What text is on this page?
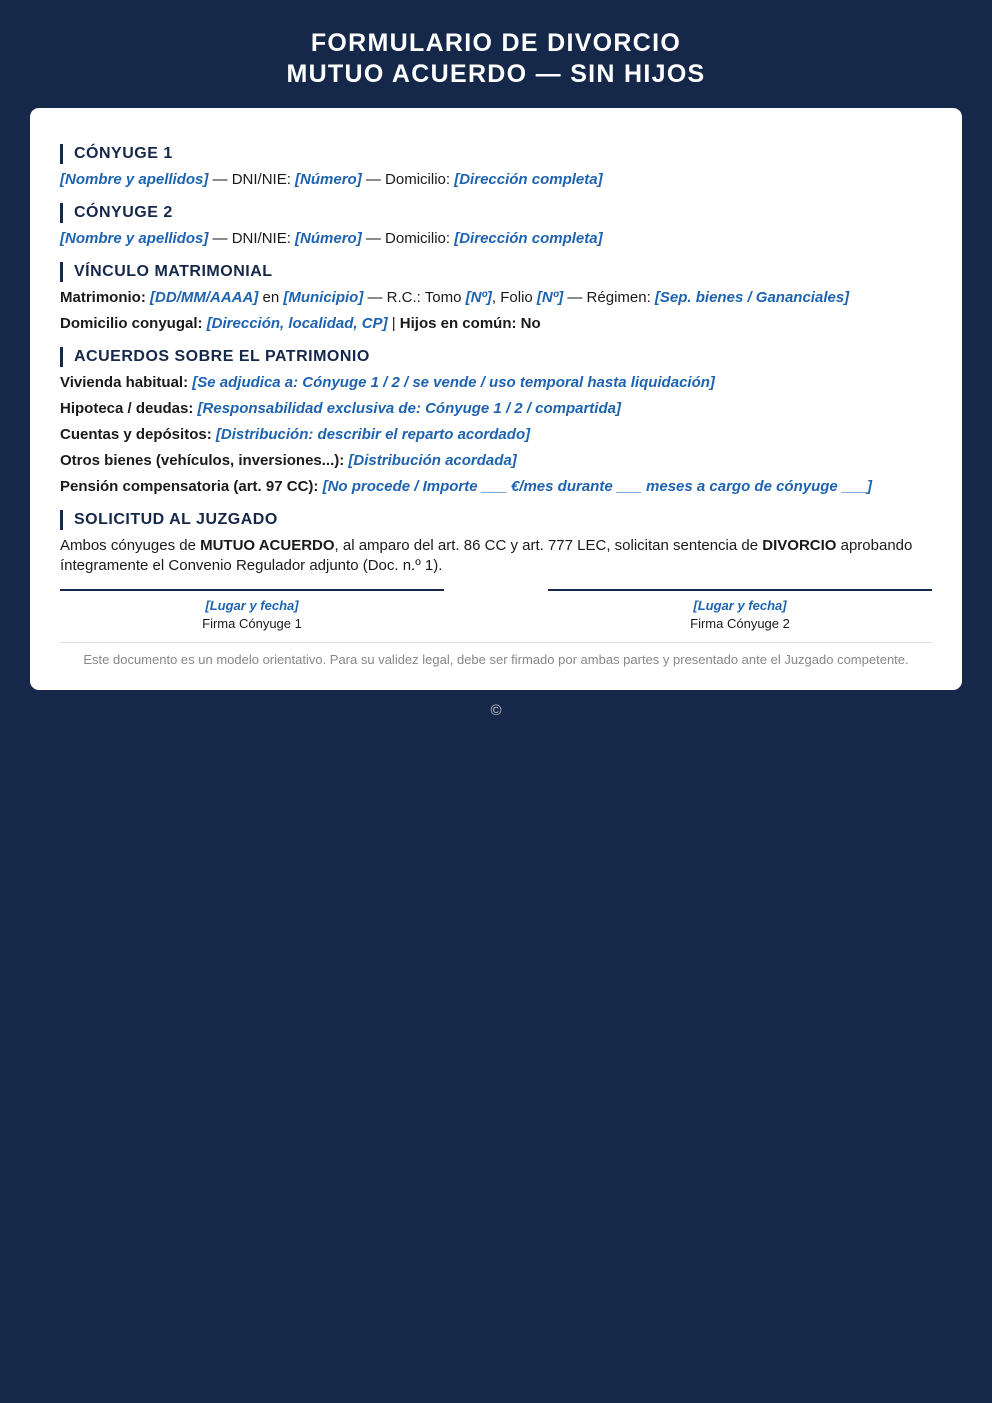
FORMULARIO DE DIVORCIO
MUTUO ACUERDO — SIN HIJOS
CÓNYUGE 1

[Nombre y apellidos] — DNI/NIE: [Número] — Domicilio: [Dirección completa]

CÓNYUGE 2

[Nombre y apellidos] — DNI/NIE: [Número] — Domicilio: [Dirección completa]

VÍNCULO MATRIMONIAL

Matrimonio: [DD/MM/AAAA] en [Municipio] — R.C.: Tomo [Nº], Folio [Nº] — Régimen: [Sep. bienes / Gananciales]

Domicilio conyugal: [Dirección, localidad, CP] | Hijos en común: No

ACUERDOS SOBRE EL PATRIMONIO

Vivienda habitual: [Se adjudica a: Cónyuge 1 / 2 / se vende / uso temporal hasta liquidación]

Hipoteca / deudas: [Responsabilidad exclusiva de: Cónyuge 1 / 2 / compartida]

Cuentas y depósitos: [Distribución: describir el reparto acordado]

Otros bienes (vehículos, inversiones...): [Distribución acordada]

Pensión compensatoria (art. 97 CC): [No procede / Importe ___ €/mes durante ___ meses a cargo de cónyuge ___]

SOLICITUD AL JUZGADO

Ambos cónyuges de MUTUO ACUERDO, al amparo del art. 86 CC y art. 777 LEC, solicitan sentencia de DIVORCIO aprobando íntegramente el Convenio Regulador adjunto (Doc. n.º 1).

[Lugar y fecha]
Firma Cónyuge 1
[Lugar y fecha]
Firma Cónyuge 2
Este documento es un modelo orientativo. Para su validez legal, debe ser firmado por ambas partes y presentado ante el Juzgado competente.
©
